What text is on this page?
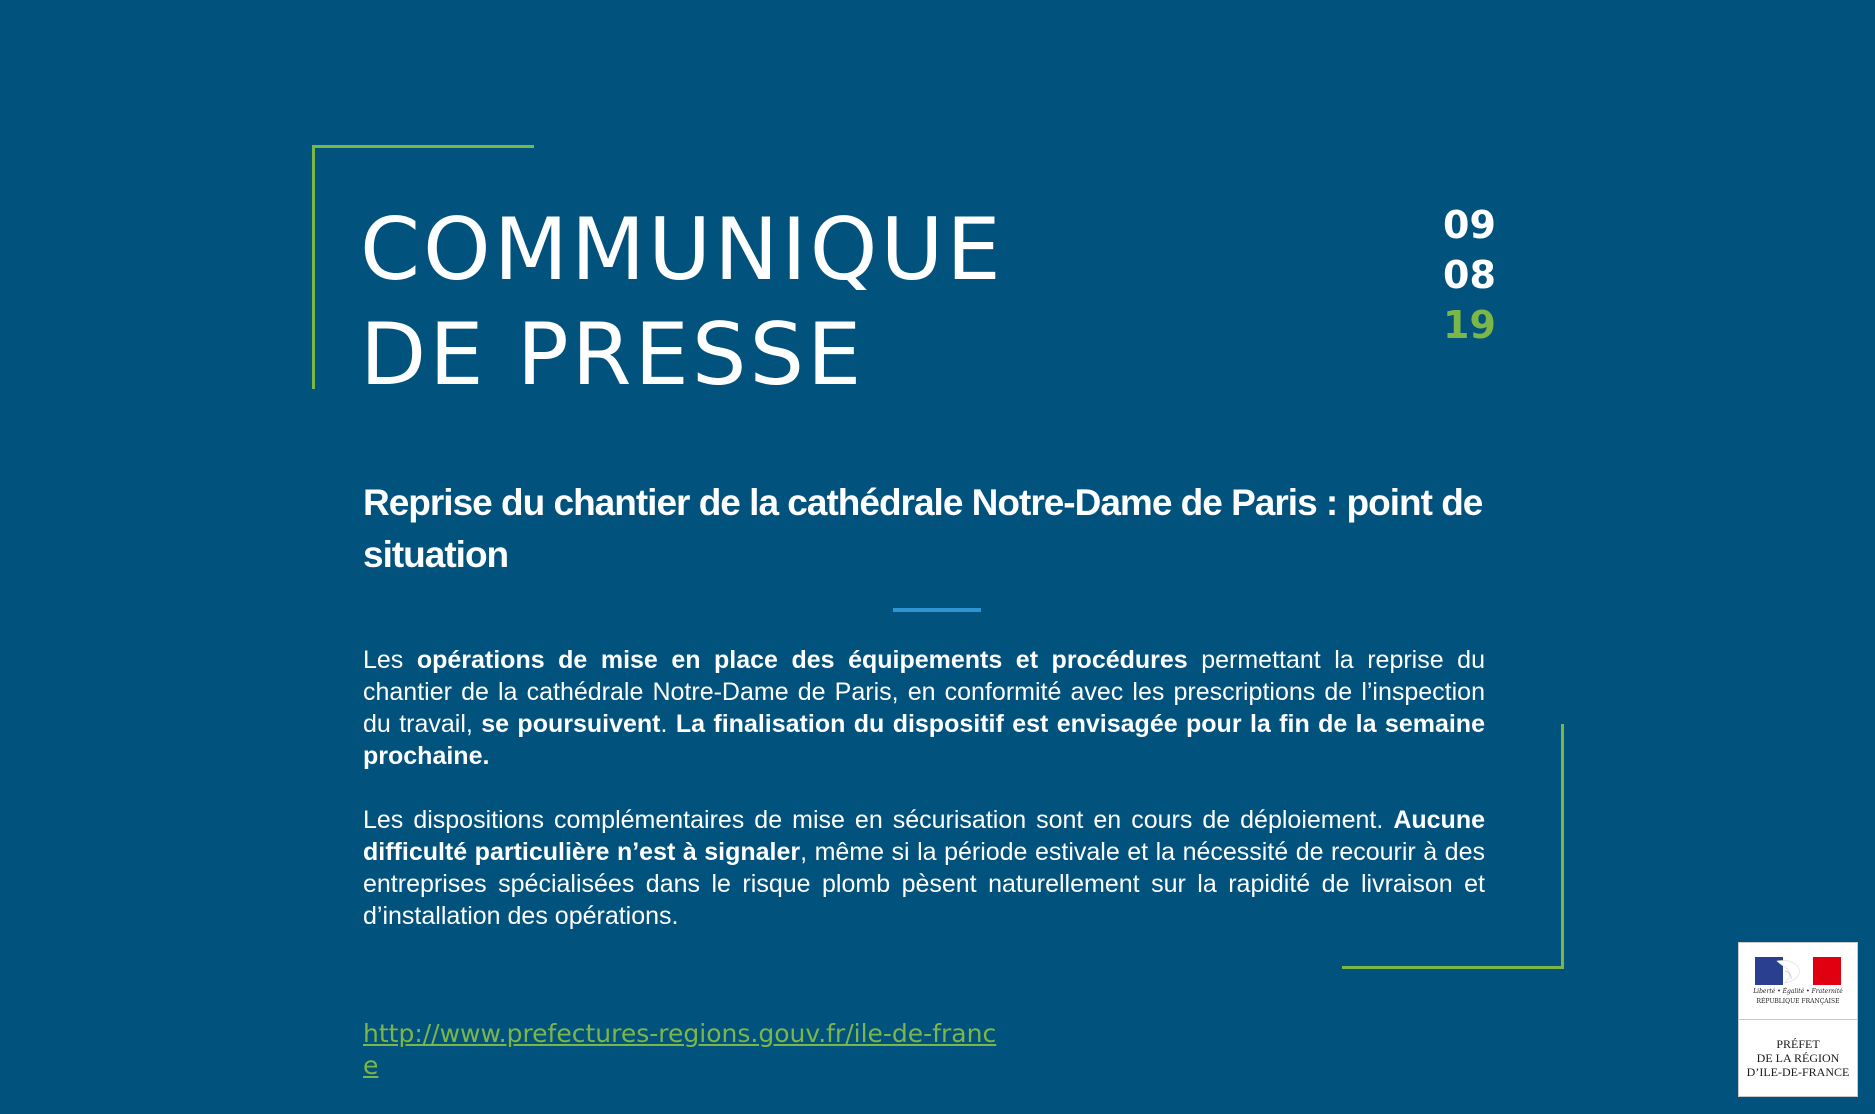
COMMUNIQUE
DE PRESSE
09
08
19
Reprise du chantier de la cathédrale Notre-Dame de Paris : point de situation

Les opérations de mise en place des équipements et procédures permettant la reprise du chantier de la cathédrale Notre-Dame de Paris, en conformité avec les prescriptions de l’inspection du travail, se poursuivent. La finalisation du dispositif est envisagée pour la fin de la semaine prochaine.

Les dispositions complémentaires de mise en sécurisation sont en cours de déploiement. Aucune difficulté particulière n’est à signaler, même si la période estivale et la nécessité de recourir à des entreprises spécialisées dans le risque plomb pèsent naturellement sur la rapidité de livraison et d’installation des opérations.

http://www.prefectures-regions.gouv.fr/ile-de-france
Liberté • Égalité • Fraternité
RÉPUBLIQUE FRANÇAISE
PRÉFET
DE LA RÉGION
D’ILE-DE-FRANCE
